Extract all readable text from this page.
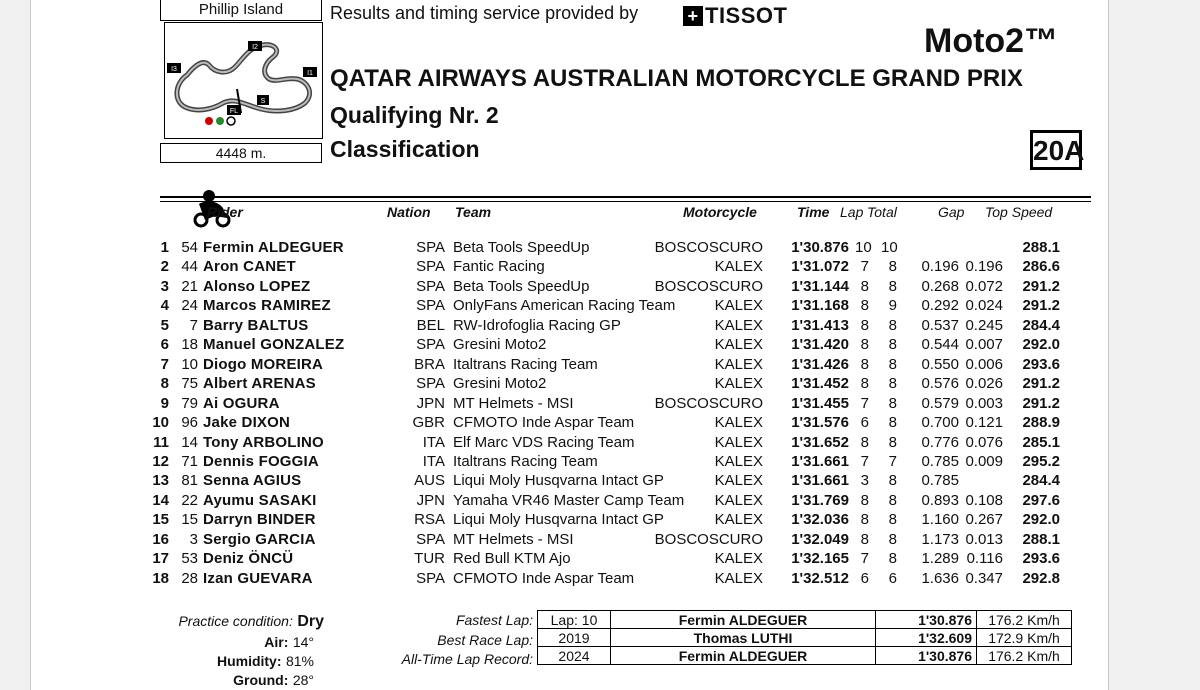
Phillip Island
I3
I2
I1
S
FL
4448 m.
Results and timing service provided by	+ TISSOT
Moto2™
QATAR AIRWAYS AUSTRALIAN MOTORCYCLE GRAND PRIX
Qualifying Nr. 2
Classification	20A
Rider	Nation Team	Motorcycle	Time Lap Total	Gap Top Speed
1 54 Fermin ALDEGUER	SPA Beta Tools SpeedUp	BOSCOSCURO	1'30.876 10 10	288.1
2 44 Aron CANET	SPA Fantic Racing	KALEX	1'31.072 7	8	0.196 0.196	286.6
3 21 Alonso LOPEZ	SPA Beta Tools SpeedUp	BOSCOSCURO	1'31.144 8	8	0.268 0.072	291.2
4 24 Marcos RAMIREZ	SPA OnlyFans American Racing Team	KALEX	1'31.168 8	9	0.292 0.024	291.2
5	7 Barry BALTUS	BEL RW-Idrofoglia Racing GP	KALEX	1'31.413 8	8	0.537 0.245	284.4
6 18 Manuel GONZALEZ	SPA Gresini Moto2	KALEX	1'31.420 8	8	0.544 0.007	292.0
7 10 Diogo MOREIRA	BRA Italtrans Racing Team	KALEX	1'31.426 8	8	0.550 0.006	293.6
8 75 Albert ARENAS	SPA Gresini Moto2	KALEX	1'31.452 8	8	0.576 0.026	291.2
9 79 Ai OGURA	JPN MT Helmets - MSI	BOSCOSCURO	1'31.455 7	8	0.579 0.003	291.2
10 96 Jake DIXON	GBR CFMOTO Inde Aspar Team	KALEX	1'31.576 6	8	0.700 0.121	288.9
11 14 Tony ARBOLINO	ITA Elf Marc VDS Racing Team	KALEX	1'31.652 8	8	0.776 0.076	285.1
12 71 Dennis FOGGIA	ITA Italtrans Racing Team	KALEX	1'31.661 7	7	0.785 0.009	295.2
13 81 Senna AGIUS	AUS Liqui Moly Husqvarna Intact GP	KALEX	1'31.661 3	8	0.785	284.4
14 22 Ayumu SASAKI	JPN Yamaha VR46 Master Camp Team	KALEX	1'31.769 8	8	0.893 0.108	297.6
15 15 Darryn BINDER	RSA Liqui Moly Husqvarna Intact GP	KALEX	1'32.036 8	8	1.160 0.267	292.0
16	3 Sergio GARCIA	SPA MT Helmets - MSI	BOSCOSCURO	1'32.049 8	8	1.173 0.013	288.1
17 53 Deniz ÖNCÜ	TUR Red Bull KTM Ajo	KALEX	1'32.165 7	8	1.289 0.116	293.6
18 28 Izan GUEVARA	SPA CFMOTO Inde Aspar Team	KALEX	1'32.512 6	6	1.636 0.347	292.8
Practice condition: Dry
Air: 14°
Humidity: 81%
Ground: 28°
Fastest Lap:
Best Race Lap:
All-Time Lap Record:
Lap: 10	Fermin ALDEGUER	1'30.876	176.2 Km/h
2019	Thomas LUTHI	1'32.609	172.9 Km/h
2024	Fermin ALDEGUER	1'30.876	176.2 Km/h
